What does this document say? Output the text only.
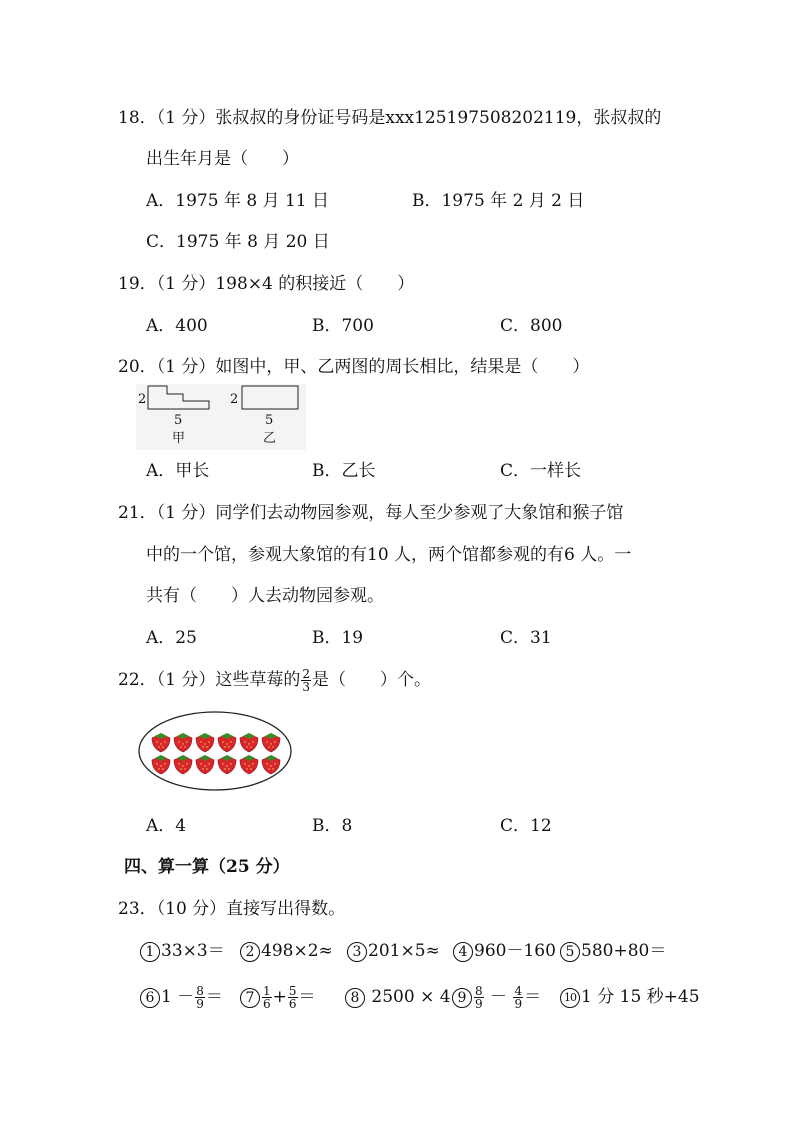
18．（1 分）张叔叔的身份证号码是xxx125197508202119，张叔叔的
出生年月是（　　）
A．1975 年 8 月 11 日	B．1975 年 2 月 2 日
C．1975 年 8 月 20 日
19．（1 分）198×4 的积接近（　　）
A．400	B．700	C．800
20．（1 分）如图中，甲、乙两图的周长相比，结果是（　　）
2
5
甲
2
5
乙
A．甲长	B．乙长	C．一样长
21．（1 分）同学们去动物园参观，每人至少参观了大象馆和猴子馆
中的一个馆，参观大象馆的有10 人，两个馆都参观的有6 人。一
共有（　　）人去动物园参观。
A．25	B．19	C．31
22．（1 分）这些草莓的 $\frac{2}{3}$ 是（　　）个。
A．4	B．8	C．12
四、算一算（25 分）
23．（10 分）直接写出得数。
1 33×3＝	2 498×2≈	3 201×5≈	4 960－160 5 580+80＝
6 $1 - \frac{8}{9}$ ＝	$7 \frac{1}{6} + \frac{5}{6}$ ＝	8 2500 × 4 $9 \frac{8}{9} - \frac{4}{9}$ ＝	10 1 分 15 秒+45
